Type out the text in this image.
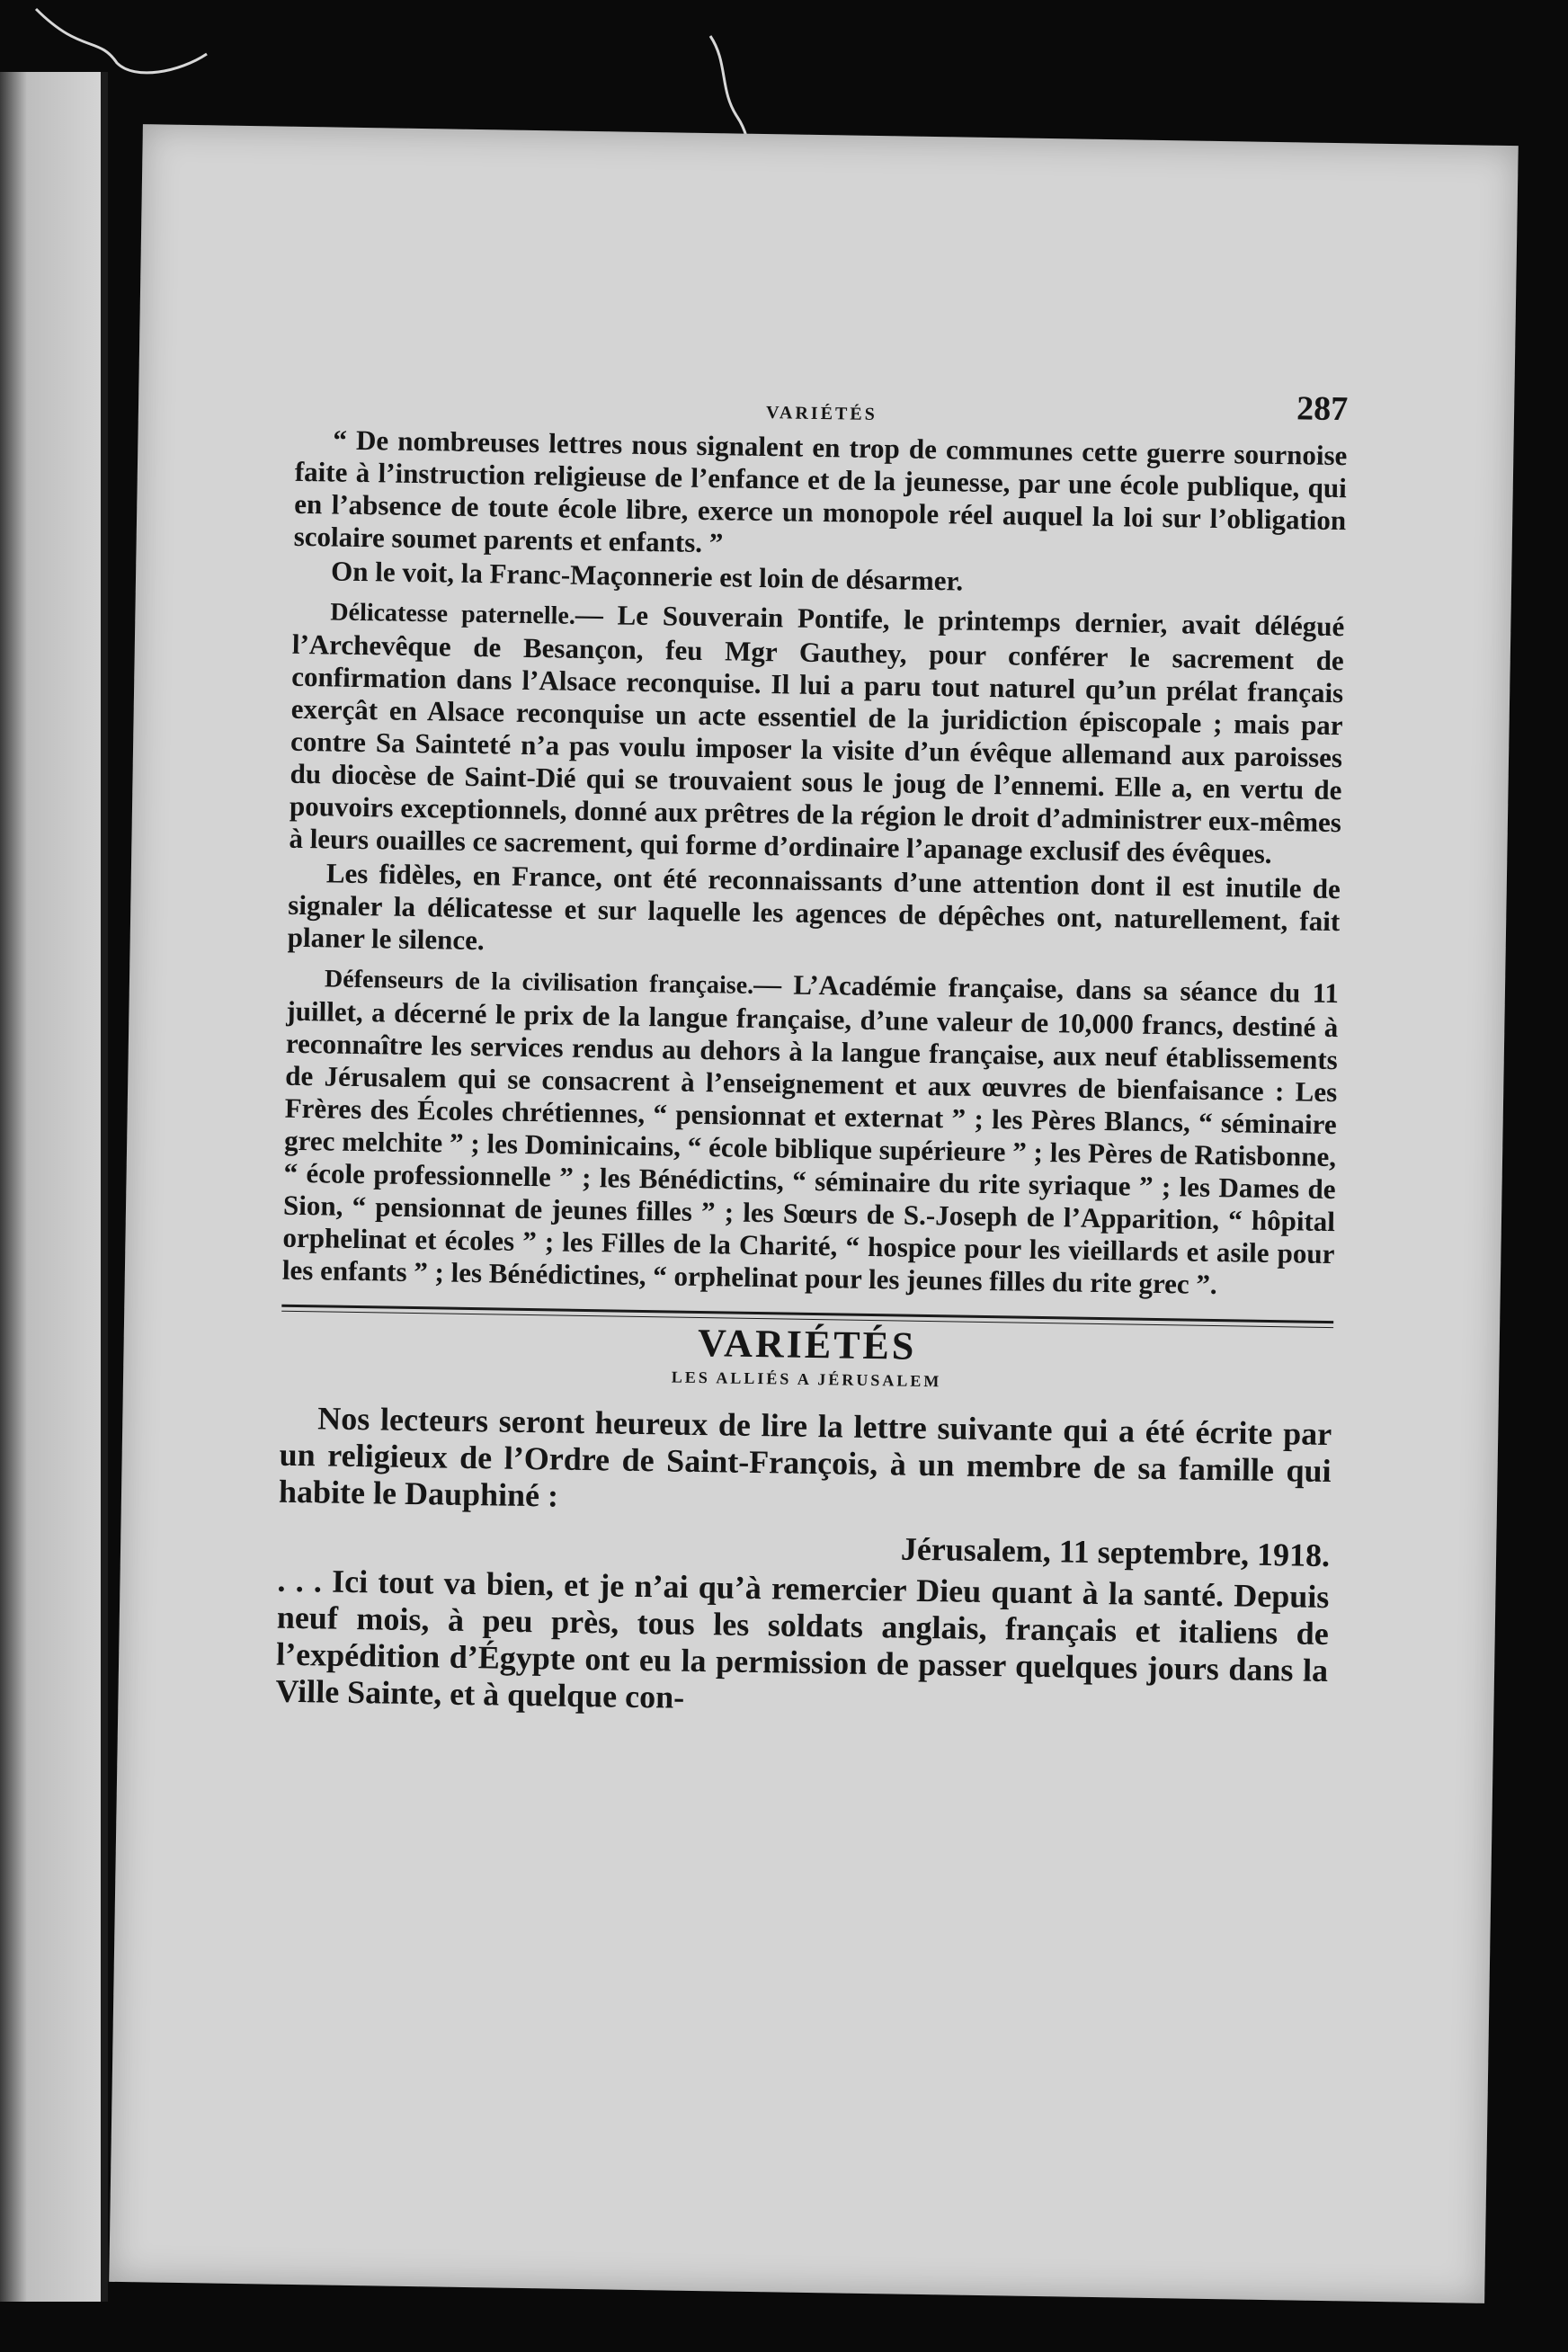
VARIÉTÉS	287

“ De nombreuses lettres nous signalent en trop de communes cette guerre sournoise faite à l’instruction religieuse de l’enfance et de la jeunesse, par une école publique, qui en l’absence de toute école libre, exerce un monopole réel auquel la loi sur l’obligation scolaire soumet parents et enfants. ”

On le voit, la Franc-Maçonnerie est loin de désarmer.

Délicatesse paternelle.— Le Souverain Pontife, le printemps dernier, avait délégué l’Archevêque de Besançon, feu Mgr Gauthey, pour conférer le sacrement de confirmation dans l’Alsace reconquise. Il lui a paru tout naturel qu’un prélat français exerçât en Alsace reconquise un acte essentiel de la juridiction épiscopale ; mais par contre Sa Sainteté n’a pas voulu imposer la visite d’un évêque allemand aux paroisses du diocèse de Saint-Dié qui se trouvaient sous le joug de l’ennemi. Elle a, en vertu de pouvoirs exceptionnels, donné aux prêtres de la région le droit d’administrer eux-mêmes à leurs ouailles ce sacrement, qui forme d’ordinaire l’apanage exclusif des évêques.

Les fidèles, en France, ont été reconnaissants d’une attention dont il est inutile de signaler la délicatesse et sur laquelle les agences de dépêches ont, naturellement, fait planer le silence.

Défenseurs de la civilisation française.— L’Académie française, dans sa séance du 11 juillet, a décerné le prix de la langue française, d’une valeur de 10,000 francs, destiné à reconnaître les services rendus au dehors à la langue française, aux neuf établissements de Jérusalem qui se consacrent à l’enseignement et aux œuvres de bienfaisance : Les Frères des Écoles chrétiennes, “ pensionnat et externat ” ; les Pères Blancs, “ séminaire grec melchite ” ; les Dominicains, “ école biblique supérieure ” ; les Pères de Ratisbonne, “ école professionnelle ” ; les Bénédictins, “ séminaire du rite syriaque ” ; les Dames de Sion, “ pensionnat de jeunes filles ” ; les Sœurs de S.-Joseph de l’Apparition, “ hôpital orphelinat et écoles ” ; les Filles de la Charité, “ hospice pour les vieillards et asile pour les enfants ” ; les Bénédictines, “ orphelinat pour les jeunes filles du rite grec ”.

VARIÉTÉS
LES ALLIÉS A JÉRUSALEM

Nos lecteurs seront heureux de lire la lettre suivante qui a été écrite par un religieux de l’Ordre de Saint-François, à un membre de sa famille qui habite le Dauphiné :

Jérusalem, 11 septembre, 1918.

. . . Ici tout va bien, et je n’ai qu’à remercier Dieu quant à la santé. Depuis neuf mois, à peu près, tous les soldats anglais, français et italiens de l’expédition d’Égypte ont eu la permission de passer quelques jours dans la Ville Sainte, et à quelque con-
